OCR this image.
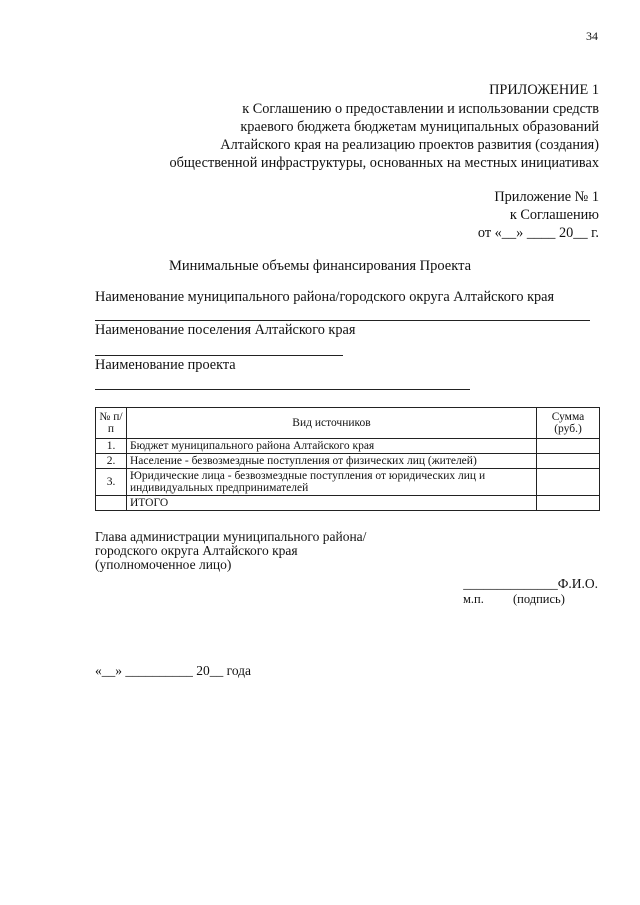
34
ПРИЛОЖЕНИЕ 1
к Соглашению о предоставлении и использовании средств
краевого бюджета бюджетам муниципальных образований
Алтайского края на реализацию проектов развития (создания)
общественной инфраструктуры, основанных на местных инициативах
Приложение № 1
к Соглашению
от «__» ____ 20__ г.
Минимальные объемы финансирования Проекта
Наименование муниципального района/городского округа Алтайского края
Наименование поселения Алтайского края
Наименование проекта
№ п/п	Вид источников	Сумма (руб.)
1.	Бюджет муниципального района Алтайского края	
2.	Население - безвозмездные поступления от физических лиц (жителей)	
3.	Юридические лица - безвозмездные поступления от юридических лиц и индивидуальных предпринимателей	
	ИТОГО	
Глава администрации муниципального района/
городского округа Алтайского края
(уполномоченное лицо)
______________Ф.И.О.
м.п. (подпись)
«__» __________ 20__ года
